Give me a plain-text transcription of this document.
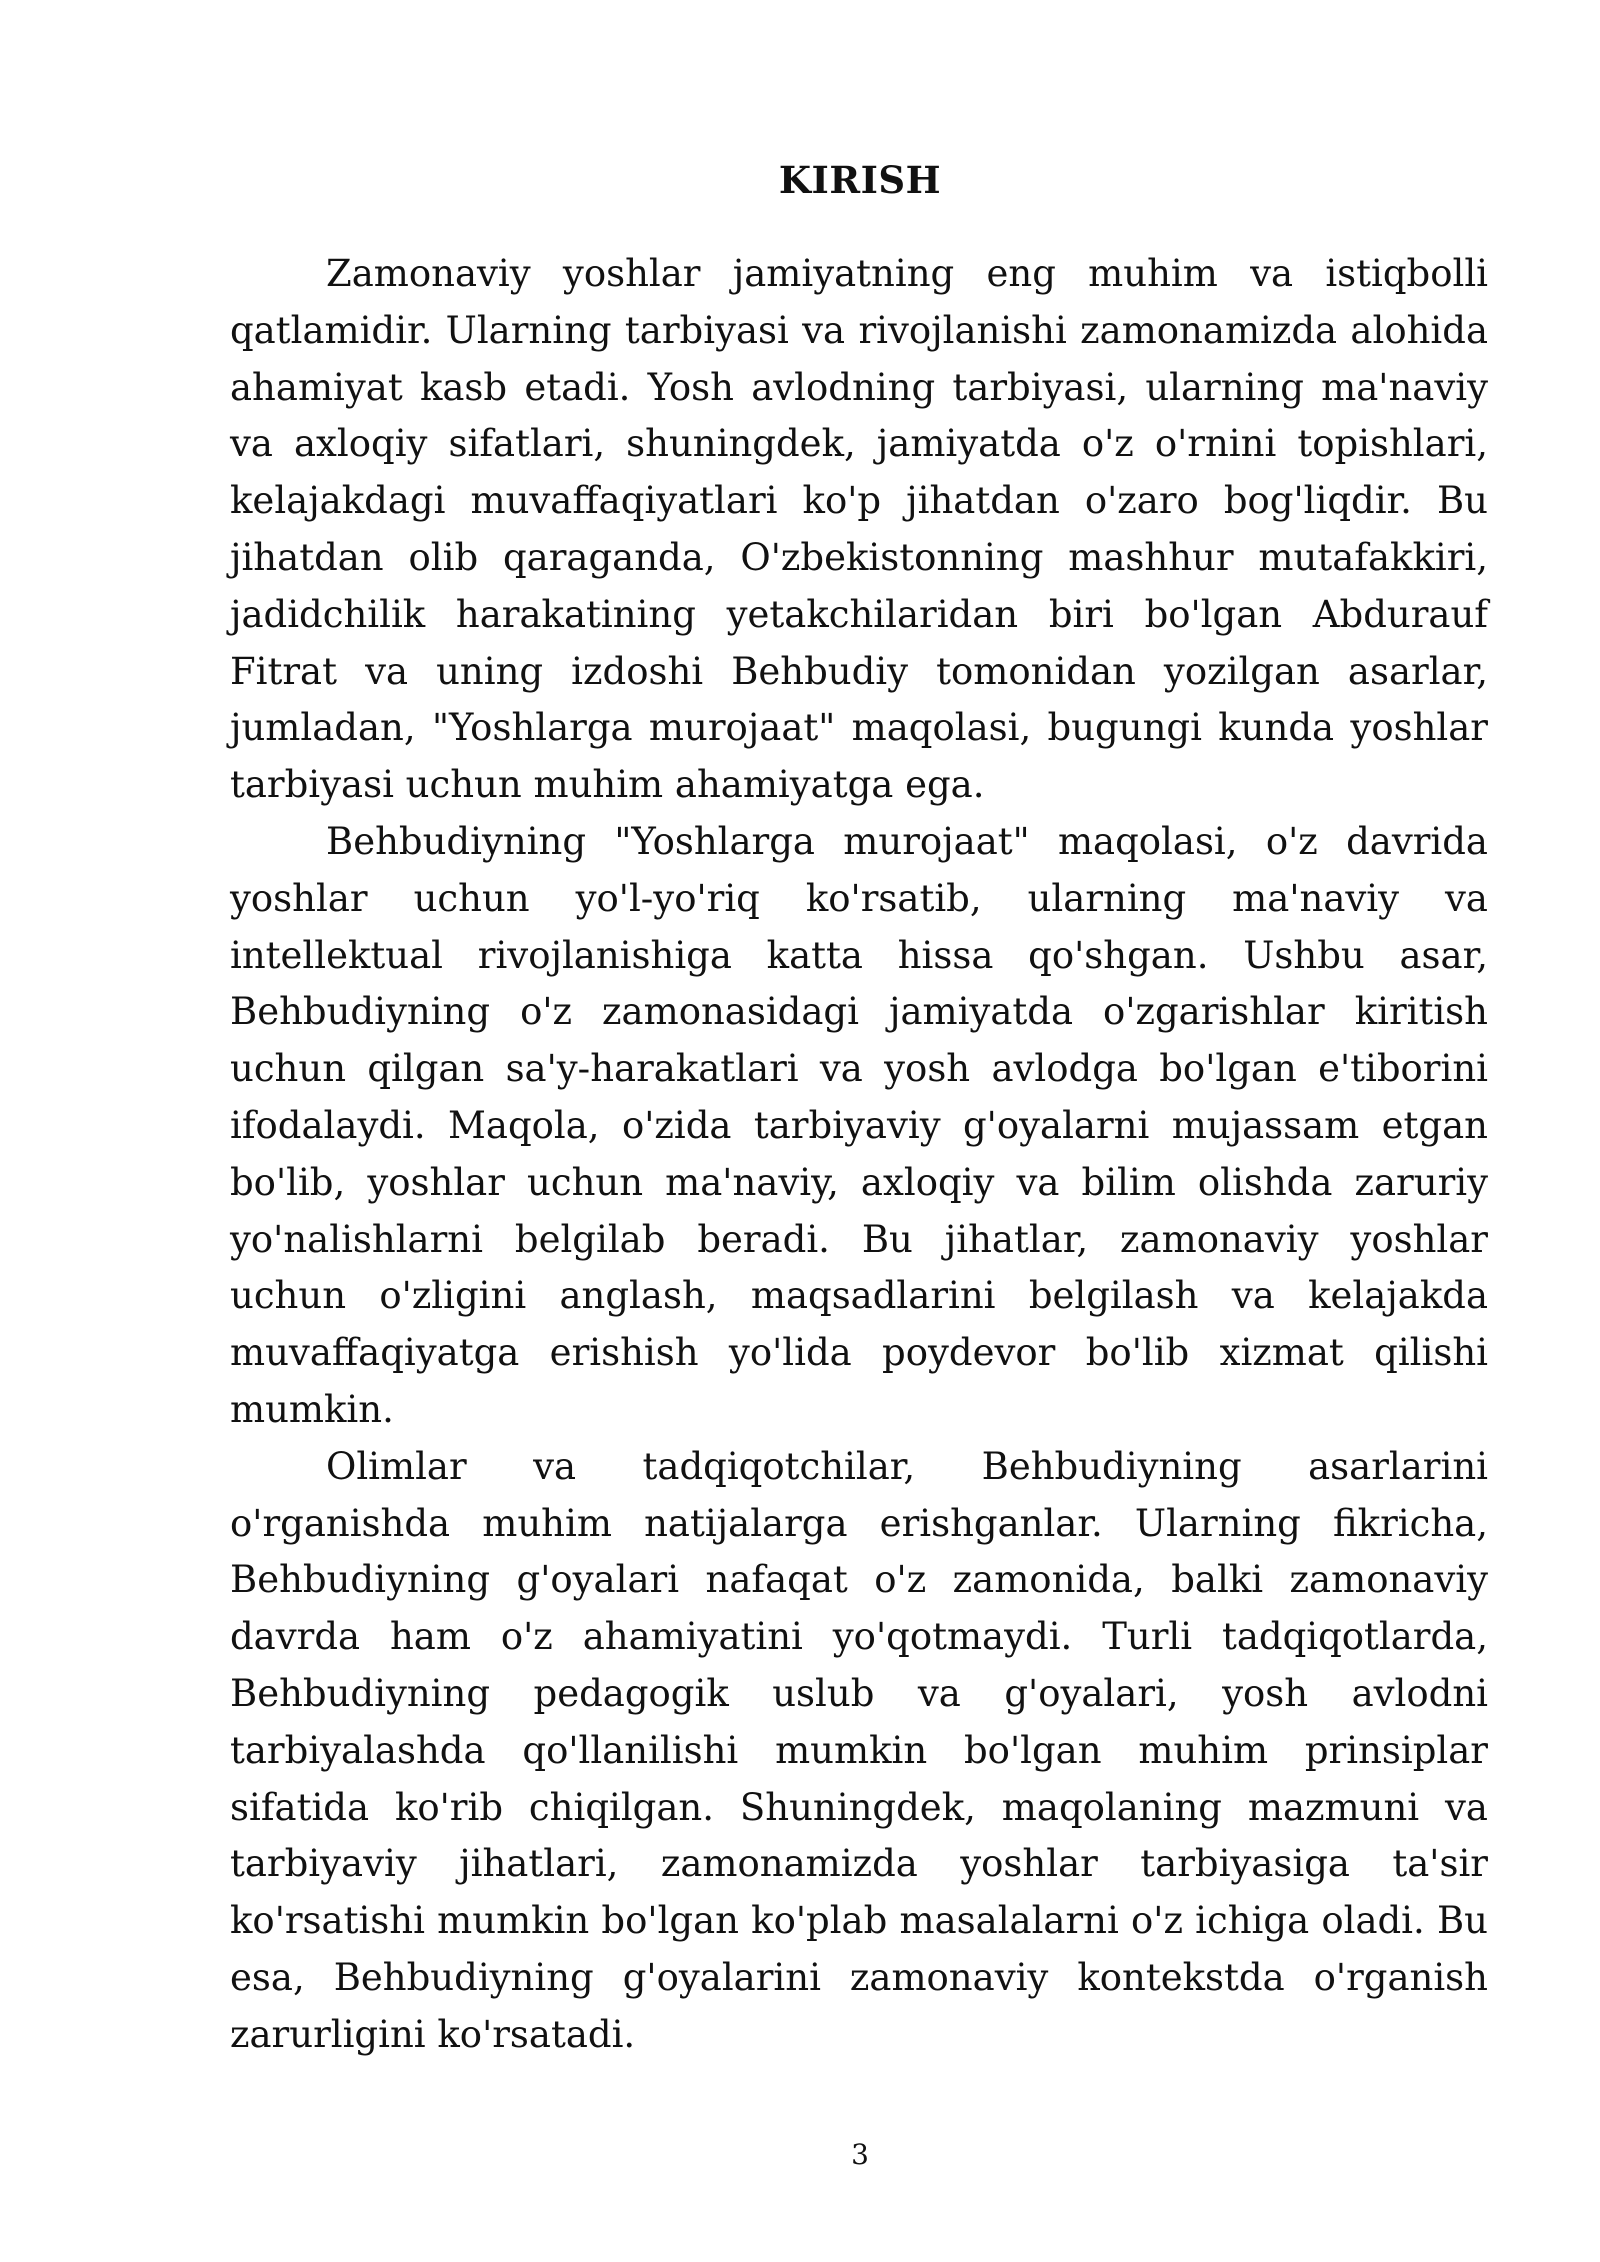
KIRISH

Zamonaviy yoshlar jamiyatning eng muhim va istiqbolli qatlamidir. Ularning tarbiyasi va rivojlanishi zamonamizda alohida ahamiyat kasb etadi. Yosh avlodning tarbiyasi, ularning ma'naviy va axloqiy sifatlari, shuningdek, jamiyatda o'z o'rnini topishlari, kelajakdagi muvaffaqiyatlari ko'p jihatdan o'zaro bog'liqdir. Bu jihatdan olib qaraganda, O'zbekistonning mashhur mutafakkiri, jadidchilik harakatining yetakchilaridan biri bo'lgan Abdurauf Fitrat va uning izdoshi Behbudiy tomonidan yozilgan asarlar, jumladan, "Yoshlarga murojaat" maqolasi, bugungi kunda yoshlar tarbiyasi uchun muhim ahamiyatga ega.

Behbudiyning "Yoshlarga murojaat" maqolasi, o'z davrida yoshlar uchun yo'l-yo'riq ko'rsatib, ularning ma'naviy va intellektual rivojlanishiga katta hissa qo'shgan. Ushbu asar, Behbudiyning o'z zamonasidagi jamiyatda o'zgarishlar kiritish uchun qilgan sa'y-harakatlari va yosh avlodga bo'lgan e'tiborini ifodalaydi. Maqola, o'zida tarbiyaviy g'oyalarni mujassam etgan bo'lib, yoshlar uchun ma'naviy, axloqiy va bilim olishda zaruriy yo'nalishlarni belgilab beradi. Bu jihatlar, zamonaviy yoshlar uchun o'zligini anglash, maqsadlarini belgilash va kelajakda muvaffaqiyatga erishish yo'lida poydevor bo'lib xizmat qilishi mumkin.

Olimlar va tadqiqotchilar, Behbudiyning asarlarini o'rganishda muhim natijalarga erishganlar. Ularning fikricha, Behbudiyning g'oyalari nafaqat o'z zamonida, balki zamonaviy davrda ham o'z ahamiyatini yo'qotmaydi. Turli tadqiqotlarda, Behbudiyning pedagogik uslub va g'oyalari, yosh avlodni tarbiyalashda qo'llanilishi mumkin bo'lgan muhim prinsiplar sifatida ko'rib chiqilgan. Shuningdek, maqolaning mazmuni va tarbiyaviy jihatlari, zamonamizda yoshlar tarbiyasiga ta'sir ko'rsatishi mumkin bo'lgan ko'plab masalalarni o'z ichiga oladi. Bu esa, Behbudiyning g'oyalarini zamonaviy kontekstda o'rganish zarurligini ko'rsatadi.

3
